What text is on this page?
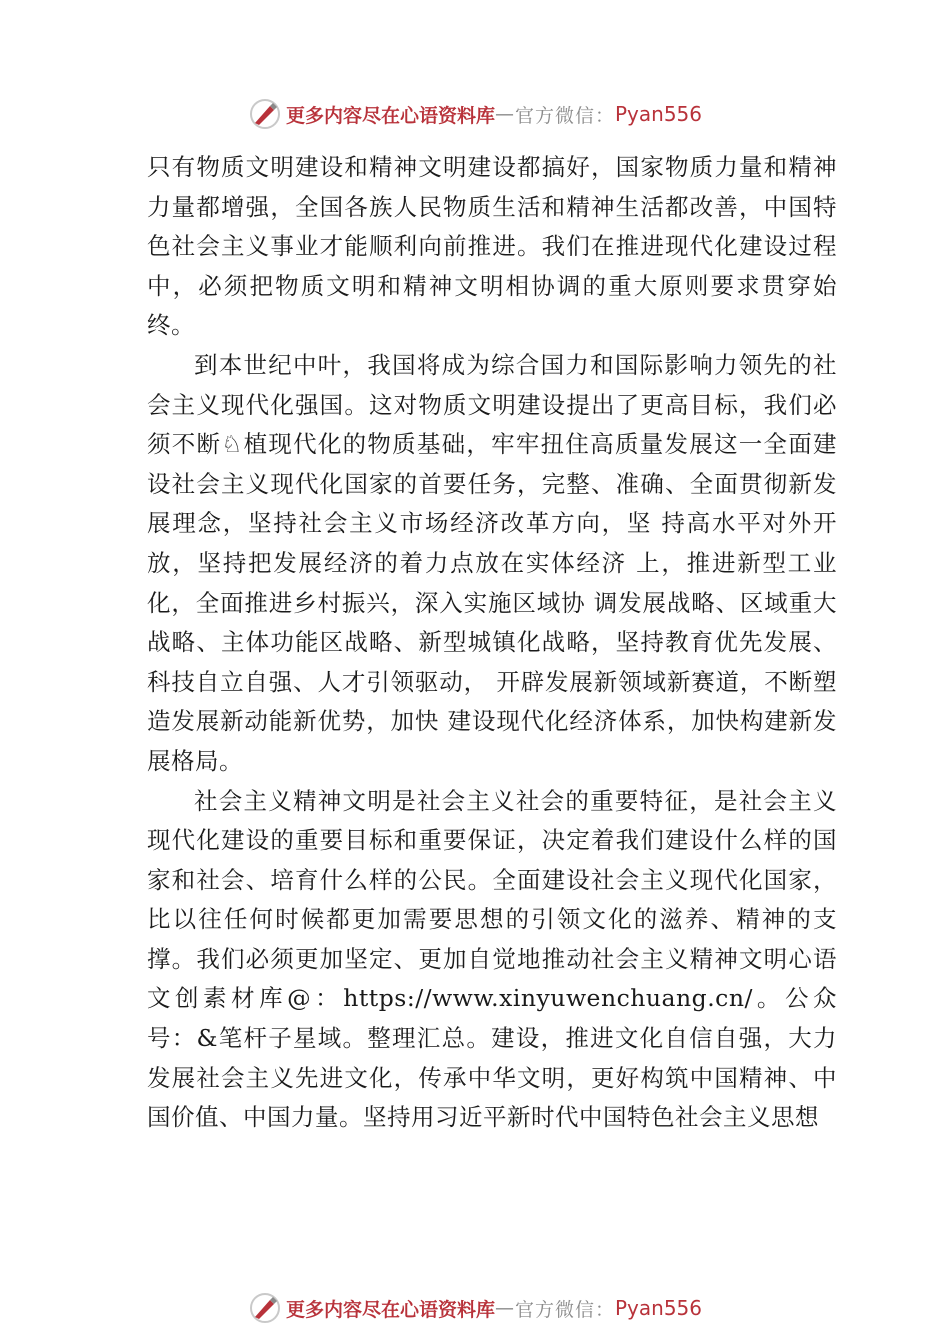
更多内容尽在心语资料库 — 官方微信： Pyan556

只有物质文明建设和精神文明建设都搞好，国家物质力量和精神力量都增强，全国各族人民物质生活和精神生活都改善，中国特色社会主义事业才能顺利向前推进。我们在推进现代化建设过程中，必须把物质文明和精神文明相协调的重大原则要求贯穿始终。

到本世纪中叶，我国将成为综合国力和国际影响力领先的社会主义现代化强国。这对物质文明建设提出了更高目标，我们必须不断♘植现代化的物质基础，牢牢扭住高质量发展这一全面建设社会主义现代化国家的首要任务，完整、准确、全面贯彻新发展理念，坚持社会主义市场经济改革方向，坚 持高水平对外开放，坚持把发展经济的着力点放在实体经济 上，推进新型工业化，全面推进乡村振兴，深入实施区域协 调发展战略、区域重大战略、主体功能区战略、新型城镇化战略，坚持教育优先发展、科技自立自强、人才引领驱动， 开辟发展新领域新赛道，不断塑造发展新动能新优势，加快 建设现代化经济体系，加快构建新发展格局。

社会主义精神文明是社会主义社会的重要特征，是社会主义现代化建设的重要目标和重要保证，决定着我们建设什么样的国家和社会、培育什么样的公民。全面建设社会主义现代化国家，比以往任何时候都更加需要思想的引领文化的滋养、精神的支撑。我们必须更加坚定、更加自觉地推动社会主义精神文明心语文创素材库@：https://www.xinyuwenchuang.cn/。公众号：&笔杆子星域。整理汇总。建设，推进文化自信自强，大力发展社会主义先进文化，传承中华文明，更好构筑中国精神、中国价值、中国力量。坚持用习近平新时代中国特色社会主义思想

更多内容尽在心语资料库 — 官方微信： Pyan556
